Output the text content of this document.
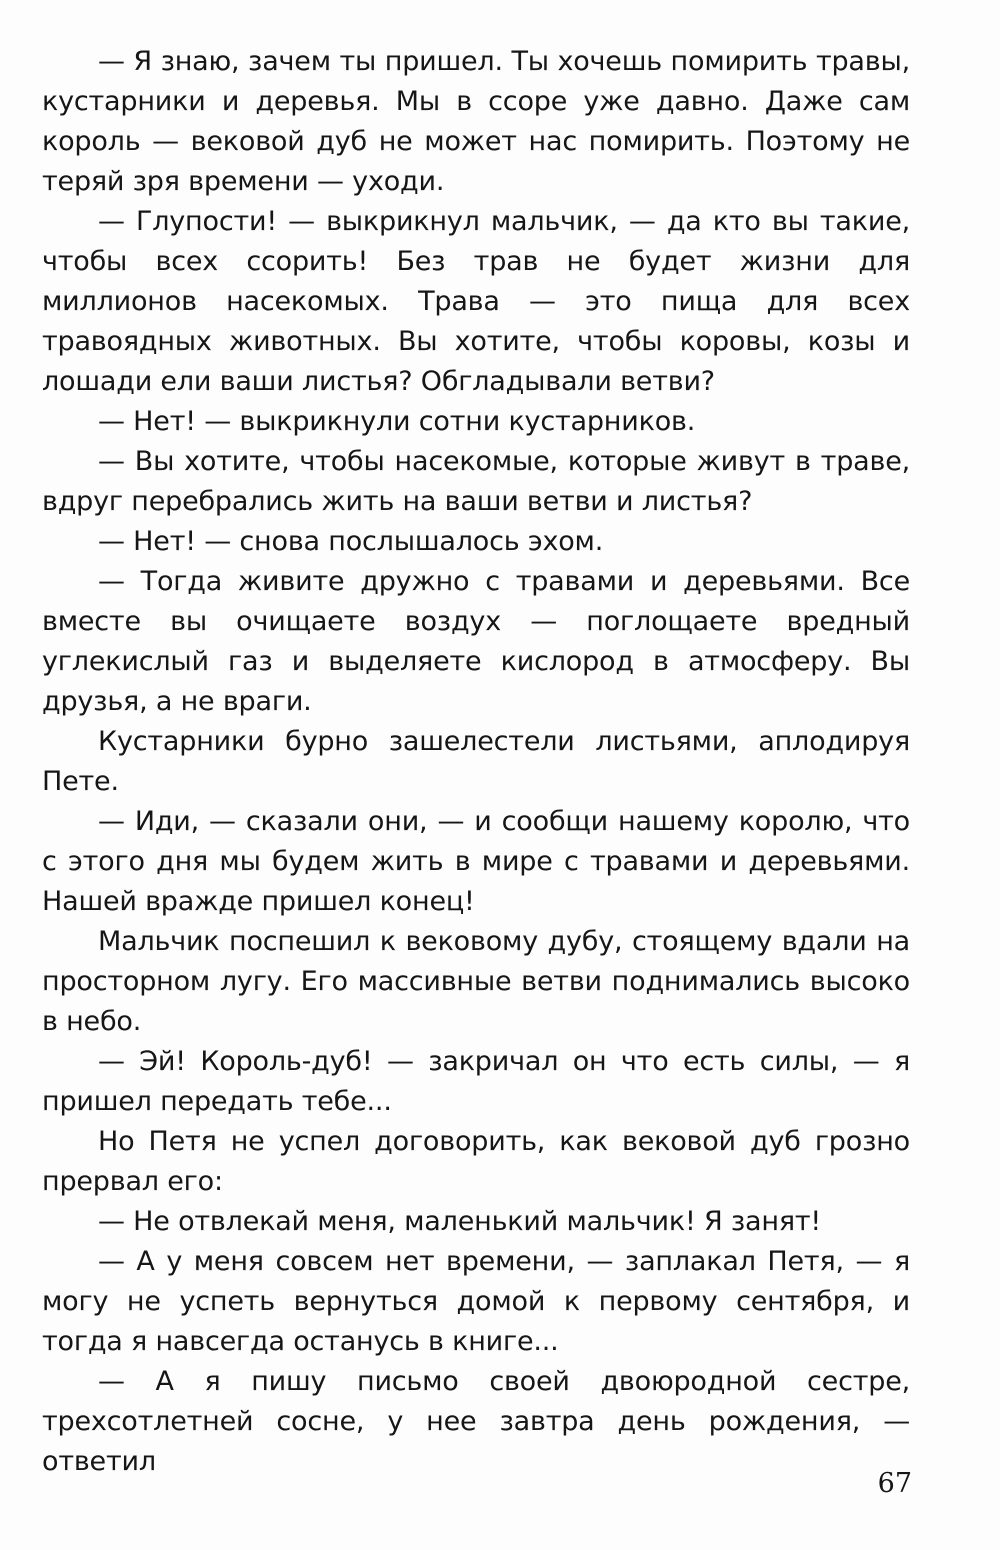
— Я знаю, зачем ты пришел. Ты хочешь помирить травы, кустарники и деревья. Мы в ссоре уже давно. Даже сам король — вековой дуб не может нас помирить. Поэтому не теряй зря времени — уходи.

— Глупости! — выкрикнул мальчик, — да кто вы такие, чтобы всех ссорить! Без трав не будет жизни для миллионов насекомых. Трава — это пища для всех травоядных животных. Вы хотите, чтобы коровы, козы и лошади ели ваши листья? Обгладывали ветви?

— Нет! — выкрикнули сотни кустарников.

— Вы хотите, чтобы насекомые, которые живут в траве, вдруг перебрались жить на ваши ветви и листья?

— Нет! — снова послышалось эхом.

— Тогда живите дружно с травами и деревьями. Все вместе вы очищаете воздух — поглощаете вредный углекислый газ и выделяете кислород в атмосферу. Вы друзья, а не враги.

Кустарники бурно зашелестели листьями, аплодируя Пете.

— Иди, — сказали они, — и сообщи нашему королю, что с этого дня мы будем жить в мире с травами и деревьями. Нашей вражде пришел конец!

Мальчик поспешил к вековому дубу, стоящему вдали на просторном лугу. Его массивные ветви поднимались высоко в небо.

— Эй! Король-дуб! — закричал он что есть силы, — я пришел передать тебе...

Но Петя не успел договорить, как вековой дуб грозно прервал его:

— Не отвлекай меня, маленький мальчик! Я занят!

— А у меня совсем нет времени, — заплакал Петя, — я могу не успеть вернуться домой к первому сентября, и тогда я навсегда останусь в книге...

— А я пишу письмо своей двоюродной сестре, трехсотлетней сосне, у нее завтра день рождения, — ответил

67
